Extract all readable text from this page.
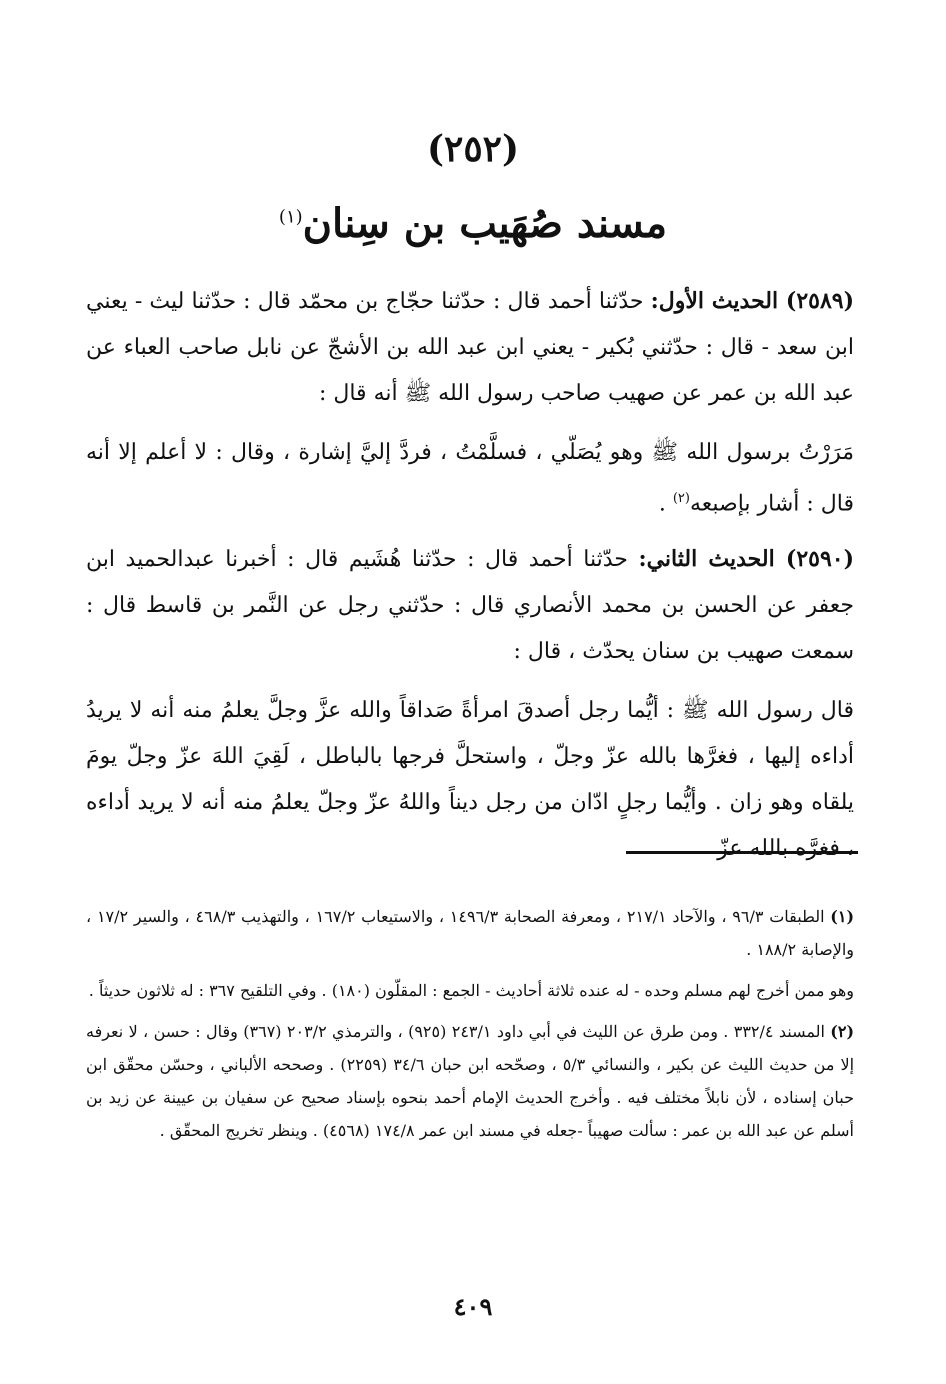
(٢٥٢)
مسند صُهَيب بن سِنان$^{(١)}$
(٢٥٨٩) الحديث الأول: حدّثنا أحمد قال : حدّثنا حجّاج بن محمّد قال : حدّثنا ليث - يعني ابن سعد - قال : حدّثني بُكير - يعني ابن عبد الله بن الأشجّ عن نابل صاحب العباء عن عبد الله بن عمر عن صهيب صاحب رسول الله ﷺ أنه قال :
مَرَرْتُ برسول الله ﷺ وهو يُصَلّي ، فسلَّمْتُ ، فردَّ إليَّ إشارة ، وقال : لا أعلم إلا أنه قال : أشار بإصبعه$^{(٢)}$ .
(٢٥٩٠) الحديث الثاني: حدّثنا أحمد قال : حدّثنا هُشَيم قال : أخبرنا عبدالحميد ابن جعفر عن الحسن بن محمد الأنصاري قال : حدّثني رجل عن النَّمر بن قاسط قال : سمعت صهيب بن سنان يحدّث ، قال :
قال رسول الله ﷺ : أيُّما رجل أصدقَ امرأةً صَداقاً والله عزَّ وجلَّ يعلمُ منه أنه لا يريدُ أداءه إليها ، فغرَّها بالله عزّ وجلّ ، واستحلَّ فرجها بالباطل ، لَقِيَ اللهَ عزّ وجلّ يومَ يلقاه وهو زان . وأيُّما رجلٍ ادّان من رجل ديناً واللهُ عزّ وجلّ يعلمُ منه أنه لا يريد أداءه ، فغرَّه بالله عزّ

(١) الطبقات ٩٦/٣ ، والآحاد ٢١٧/١ ، ومعرفة الصحابة ١٤٩٦/٣ ، والاستيعاب ١٦٧/٢ ، والتهذيب ٤٦٨/٣ ، والسير ١٧/٢ ، والإصابة ١٨٨/٢ .

وهو ممن أخرج لهم مسلم وحده - له عنده ثلاثة أحاديث - الجمع : المقلّون (١٨٠) . وفي التلقيح ٣٦٧ : له ثلاثون حديثاً .

(٢) المسند ٣٣٢/٤ . ومن طرق عن الليث في أبي داود ٢٤٣/١ (٩٢٥) ، والترمذي ٢٠٣/٢ (٣٦٧) وقال : حسن ، لا نعرفه إلا من حديث الليث عن بكير ، والنسائي ٥/٣ ، وصحّحه ابن حبان ٣٤/٦ (٢٢٥٩) . وصححه الألباني ، وحسّن محقّق ابن حبان إسناده ، لأن نابلاً مختلف فيه . وأخرج الحديث الإمام أحمد بنحوه بإسناد صحيح عن سفيان بن عيينة عن زيد بن أسلم عن عبد الله بن عمر : سألت صهيباً -جعله في مسند ابن عمر ١٧٤/٨ (٤٥٦٨) . وينظر تخريج المحقّق .

٤٠٩
